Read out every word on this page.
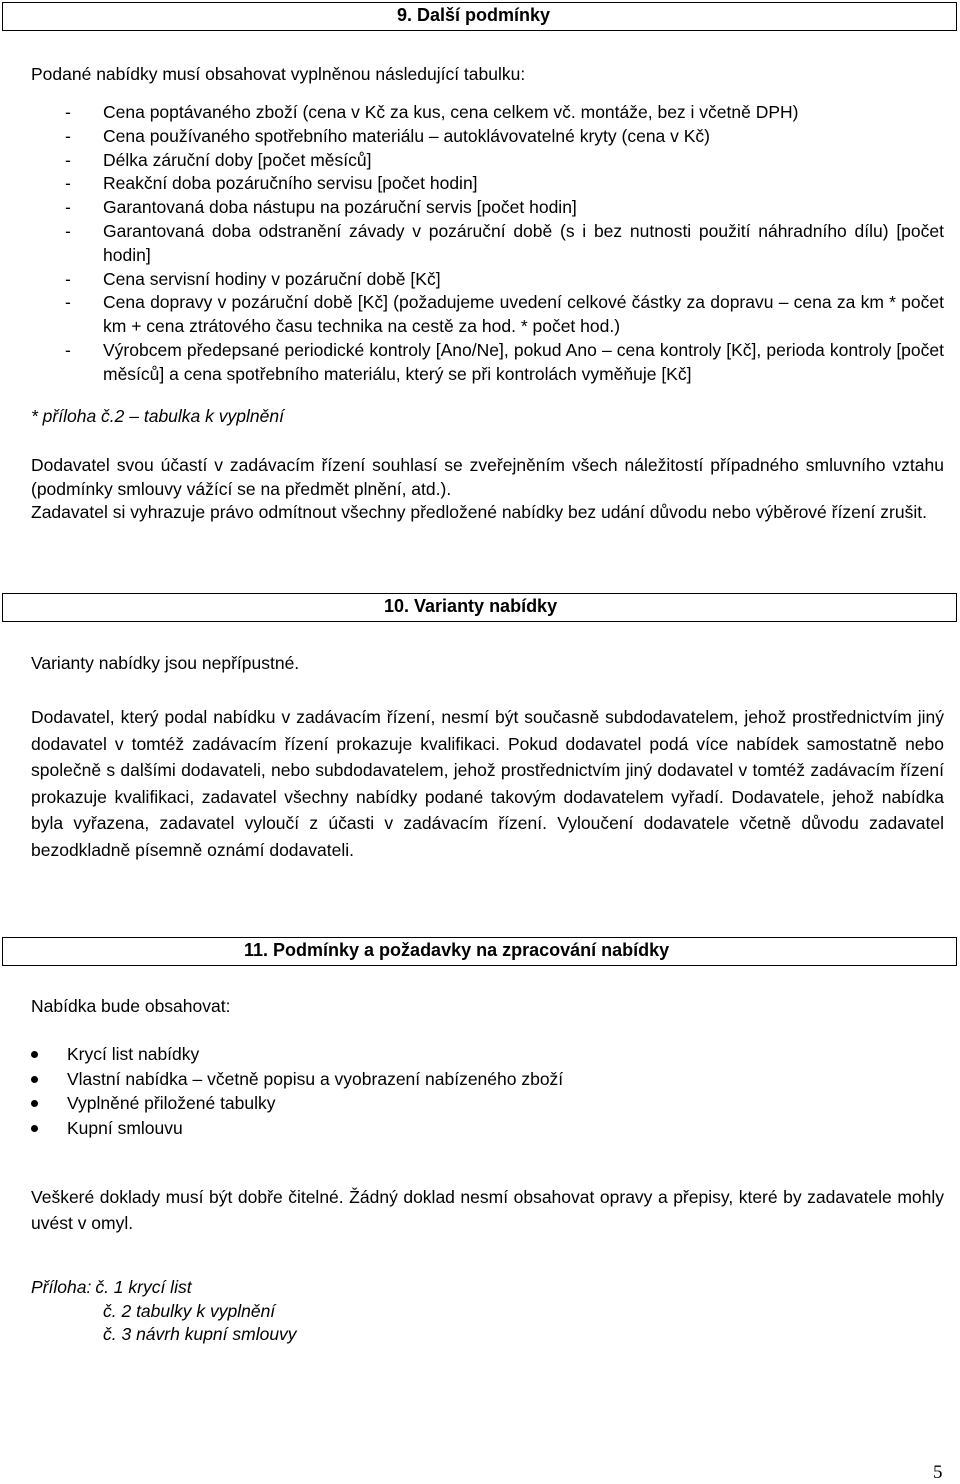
9. Další podmínky
Podané nabídky musí obsahovat vyplněnou následující tabulku:
- Cena poptávaného zboží (cena v Kč za kus, cena celkem vč. montáže, bez i včetně DPH)
- Cena používaného spotřebního materiálu – autoklávovatelné kryty (cena v Kč)
- Délka záruční doby [počet měsíců]
- Reakční doba pozáručního servisu [počet hodin]
- Garantovaná doba nástupu na pozáruční servis [počet hodin]
- Garantovaná doba odstranění závady v pozáruční době (s i bez nutnosti použití náhradního dílu) [počet hodin]
- Cena servisní hodiny v pozáruční době [Kč]
- Cena dopravy v pozáruční době [Kč] (požadujeme uvedení celkové částky za dopravu – cena za km * počet km + cena ztrátového času technika na cestě za hod. * počet hod.)
- Výrobcem předepsané periodické kontroly [Ano/Ne], pokud Ano – cena kontroly [Kč], perioda kontroly [počet měsíců] a cena spotřebního materiálu, který se při kontrolách vyměňuje [Kč]
* příloha č.2 – tabulka k vyplnění
Dodavatel svou účastí v zadávacím řízení souhlasí se zveřejněním všech náležitostí případného smluvního vztahu (podmínky smlouvy vážící se na předmět plnění, atd.).
Zadavatel si vyhrazuje právo odmítnout všechny předložené nabídky bez udání důvodu nebo výběrové řízení zrušit.
10. Varianty nabídky
Varianty nabídky jsou nepřípustné.
Dodavatel, který podal nabídku v zadávacím řízení, nesmí být současně subdodavatelem, jehož prostřednictvím jiný dodavatel v tomtéž zadávacím řízení prokazuje kvalifikaci. Pokud dodavatel podá více nabídek samostatně nebo společně s dalšími dodavateli, nebo subdodavatelem, jehož prostřednictvím jiný dodavatel v tomtéž zadávacím řízení prokazuje kvalifikaci, zadavatel všechny nabídky podané takovým dodavatelem vyřadí. Dodavatele, jehož nabídka byla vyřazena, zadavatel vyloučí z účasti v zadávacím řízení. Vyloučení dodavatele včetně důvodu zadavatel bezodkladně písemně oznámí dodavateli.
11. Podmínky a požadavky na zpracování nabídky
Nabídka bude obsahovat:
Krycí list nabídky
Vlastní nabídka – včetně popisu a vyobrazení nabízeného zboží
Vyplněné přiložené tabulky
Kupní smlouvu
Veškeré doklady musí být dobře čitelné. Žádný doklad nesmí obsahovat opravy a přepisy, které by zadavatele mohly uvést v omyl.
Příloha: č. 1 krycí list
č. 2 tabulky k vyplnění
č. 3 návrh kupní smlouvy
5
